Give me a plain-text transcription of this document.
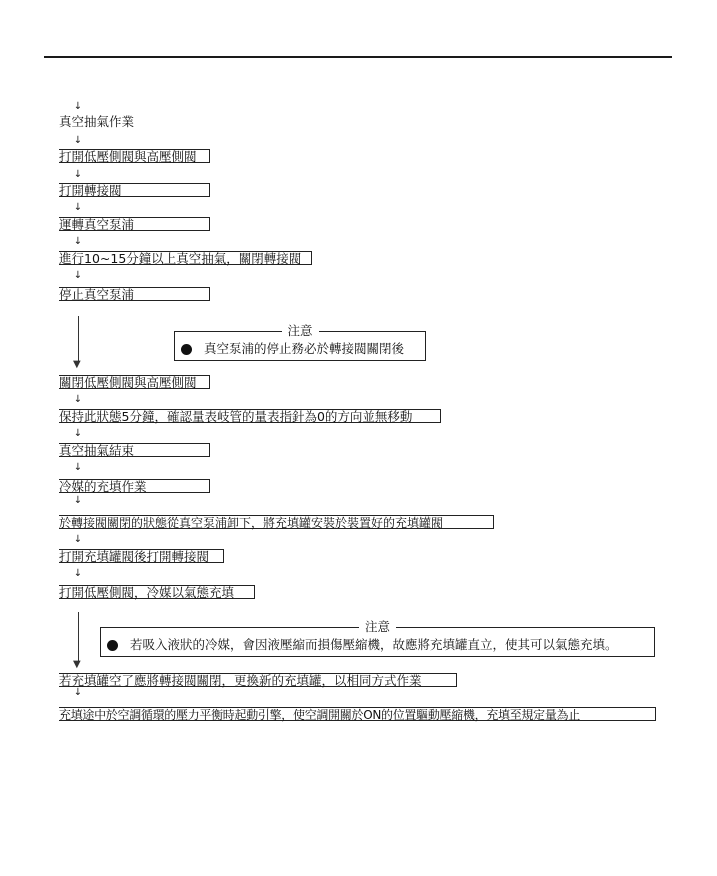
↓
↓
↓
↓
↓
↓
↓
↓
↓
↓
↓
↓
↓
▼
▼
真空抽氣作業
打開低壓側閥與高壓側閥
打開轉接閥
運轉真空泵浦
進行10~15分鐘以上真空抽氣，關閉轉接閥
停止真空泵浦
注意
真空泵浦的停止務必於轉接閥關閉後
關閉低壓側閥與高壓側閥
保持此狀態5分鐘，確認量表岐管的量表指針為0的方向並無移動
真空抽氣結束
冷媒的充填作業
於轉接閥關閉的狀態從真空泵浦卸下，將充填罐安裝於裝置好的充填罐閥
打開充填罐閥後打開轉接閥
打開低壓側閥，冷媒以氣態充填
注意
若吸入液狀的冷媒，會因液壓縮而損傷壓縮機，故應將充填罐直立，使其可以氣態充填。
若充填罐空了應將轉接閥關閉，更換新的充填罐，以相同方式作業
充填途中於空調循環的壓力平衡時起動引擎，使空調開關於ON的位置驅動壓縮機，充填至規定量為止
